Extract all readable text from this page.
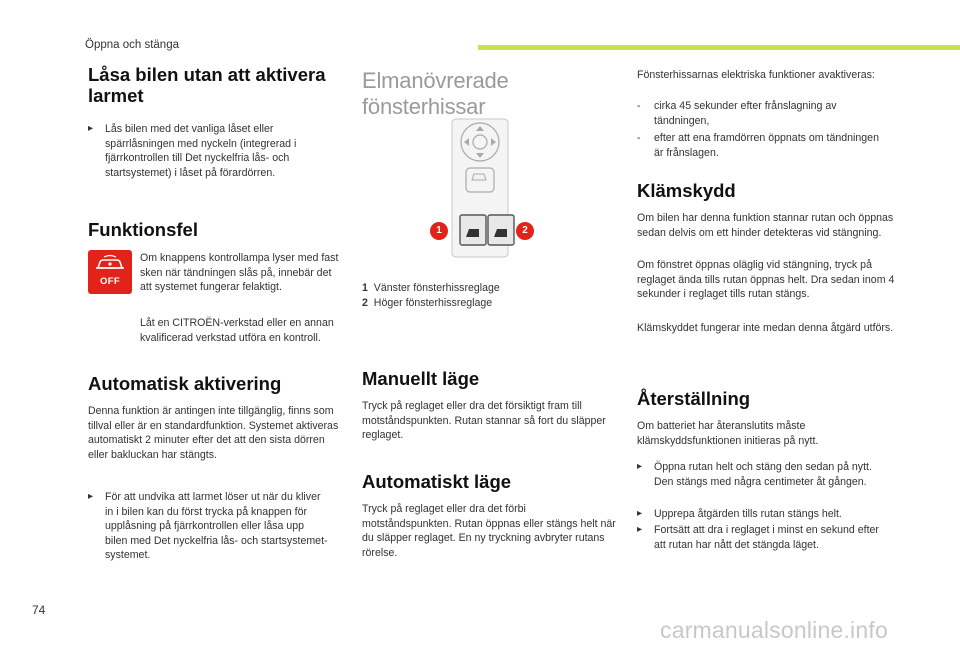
Öppna och stänga
Låsa bilen utan att aktivera larmet
▸ Lås bilen med det vanliga låset eller spärrlåsningen med nyckeln (integrerad i fjärrkontrollen till Det nyckelfria lås- och startsystemet) i låset på förardörren.
Funktionsfel
OFF
Om knappens kontrollampa lyser med fast sken när tändningen slås på, innebär det att systemet fungerar felaktigt.
Låt en CITROËN-verkstad eller en annan kvalificerad verkstad utföra en kontroll.
Automatisk aktivering
Denna funktion är antingen inte tillgänglig, finns som tillval eller är en standardfunktion. Systemet aktiveras automatiskt 2 minuter efter det att den sista dörren eller bakluckan har stängts.
▸ För att undvika att larmet löser ut när du kliver in i bilen kan du först trycka på knappen för upplåsning på fjärrkontrollen eller låsa upp bilen med Det nyckelfria lås- och startsystemet-systemet.
Elmanövrerade fönsterhissar
1	2
1 Vänster fönsterhissreglage
2 Höger fönsterhissreglage
Manuellt läge
Tryck på reglaget eller dra det försiktigt fram till motståndspunkten. Rutan stannar så fort du släpper reglaget.
Automatiskt läge
Tryck på reglaget eller dra det förbi motståndspunkten. Rutan öppnas eller stängs helt när du släpper reglaget. En ny tryckning avbryter rutans rörelse.
Fönsterhissarnas elektriska funktioner avaktiveras:
- cirka 45 sekunder efter frånslagning av tändningen,
- efter att ena framdörren öppnats om tändningen är frånslagen.
Klämskydd
Om bilen har denna funktion stannar rutan och öppnas sedan delvis om ett hinder detekteras vid stängning.
Om fönstret öppnas oläglig vid stängning, tryck på reglaget ända tills rutan öppnas helt. Dra sedan inom 4 sekunder i reglaget tills rutan stängs.
Klämskyddet fungerar inte medan denna åtgärd utförs.
Återställning
Om batteriet har återanslutits måste klämskyddsfunktionen initieras på nytt.
▸ Öppna rutan helt och stäng den sedan på nytt. Den stängs med några centimeter åt gången.
▸ Upprepa åtgärden tills rutan stängs helt.
▸ Fortsätt att dra i reglaget i minst en sekund efter att rutan har nått det stängda läget.
74
carmanualsonline.info
